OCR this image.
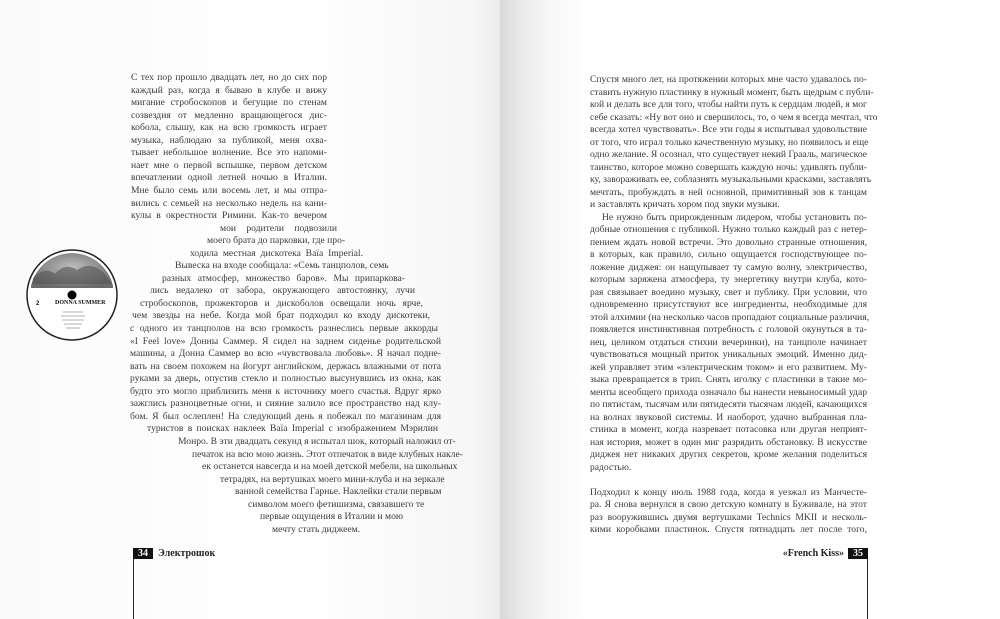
DONNA SUMMER
2
С тех пор прошло двадцать лет, но до сих пор
каждый раз, когда я бываю в клубе и вижу
мигание стробоскопов и бегущие по стенам
созвездия от медленно вращающегося дис-
кобола, слышу, как на всю громкость играет
музыка, наблюдаю за публикой, меня охва-
тывает небольшое волнение. Все это напоми-
нает мне о первой вспышке, первом детском
впечатлении одной летней ночью в Италии.
Мне было семь или восемь лет, и мы отпра-
вились с семьей на несколько недель на кани-
кулы в окрестности Римини. Как-то вечером
мои родители подвозили
моего брата до парковки, где про-
ходила местная дискотека Baïa Imperial.
Вывеска на входе сообщала: «Семь танцполов, семь
разных атмосфер, множество баров». Мы припаркова-
лись недалеко от забора, окружающего автостоянку, лучи
стробоскопов, прожекторов и дискоболов освещали ночь ярче,
чем звезды на небе. Когда мой брат подходил ко входу дискотеки,
с одного из танцполов на всю громкость разнеслись первые аккорды
«I Feel love» Донны Саммер. Я сидел на заднем сиденье родительской
машины, а Донна Саммер во всю «чувствовала любовь». Я начал подне-
вать на своем похожем на йогурт английском, держась влажными от пота
руками за дверь, опустив стекло и полностью высунувшись из окна, как
будто это могло приблизить меня к источнику моего счастья. Вдруг ярко
зажглись разноцветные огни, и сияние залило все пространство над клу-
бом. Я был ослеплен! На следующий день я побежал по магазинам для
туристов в поисках наклеек Baïa Imperial с изображением Мэрилин
Монро. В эти двадцать секунд я испытал шок, который наложил от-
печаток на всю мою жизнь. Этот отпечаток в виде клубных накле-
ек останется навсегда и на моей детской мебели, на школьных
тетрадях, на вертушках моего мини-клуба и на зеркале
ванной семейства Гарнье. Наклейки стали первым
символом моего фетишизма, связавшего те
первые ощущения в Италии и мою
мечту стать диджеем.
34	Электрошок
Спустя много лет, на протяжении которых мне часто удавалось по-
ставить нужную пластинку в нужный момент, быть щедрым с публи-
кой и делать все для того, чтобы найти путь к сердцам людей, я мог
себе сказать: «Ну вот оно и свершилось, то, о чем я всегда мечтал, что
всегда хотел чувствовать». Все эти годы я испытывал удовольствие
от того, что играл только качественную музыку, но появилось и еще
одно желание. Я осознал, что существует некий Грааль, магическое
таинство, которое можно совершать каждую ночь: удивлять публи-
ку, завораживать ее, соблазнять музыкальными красками, заставлять
мечтать, пробуждать в ней основной, примитивный зов к танцам
и заставлять кричать хором под звуки музыки.
Не нужно быть прирожденным лидером, чтобы установить по-
добные отношения с публикой. Нужно только каждый раз с нетер-
пением ждать новой встречи. Это довольно странные отношения,
в которых, как правило, сильно ощущается господствующее по-
ложение диджея: он нащупывает ту самую волну, электричество,
которым заряжена атмосфера, ту энергетику внутри клуба, кото-
рая связывает воедино музыку, свет и публику. При условии, что
одновременно присутствуют все ингредиенты, необходимые для
этой алхимии (на несколько часов пропадают социальные различия,
появляется инстинктивная потребность с головой окунуться в та-
нец, целиком отдаться стихии вечеринки), на танцполе начинает
чувствоваться мощный приток уникальных эмоций. Именно дид-
жей управляет этим «электрическим током» и его развитием. Му-
зыка превращается в трип. Снять иголку с пластинки в такие мо-
менты всеобщего прихода означало бы нанести невыносимый удар
по пятистам, тысячам или пятидесяти тысячам людей, качающихся
на волнах звуковой системы. И наоборот, удачно выбранная пла-
стинка в момент, когда назревает потасовка или другая неприят-
ная история, может в один миг разрядить обстановку. В искусстве
диджея нет никаких других секретов, кроме желания поделиться
радостью.
Подходил к концу июль 1988 года, когда я уезжал из Манчесте-
ра. Я снова вернулся в свою детскую комнату в Буживале, на этот
раз вооружившись двумя вертушками Technics MKII и несколь-
кими коробками пластинок. Спустя пятнадцать лет после того,
35
«French Kiss»
